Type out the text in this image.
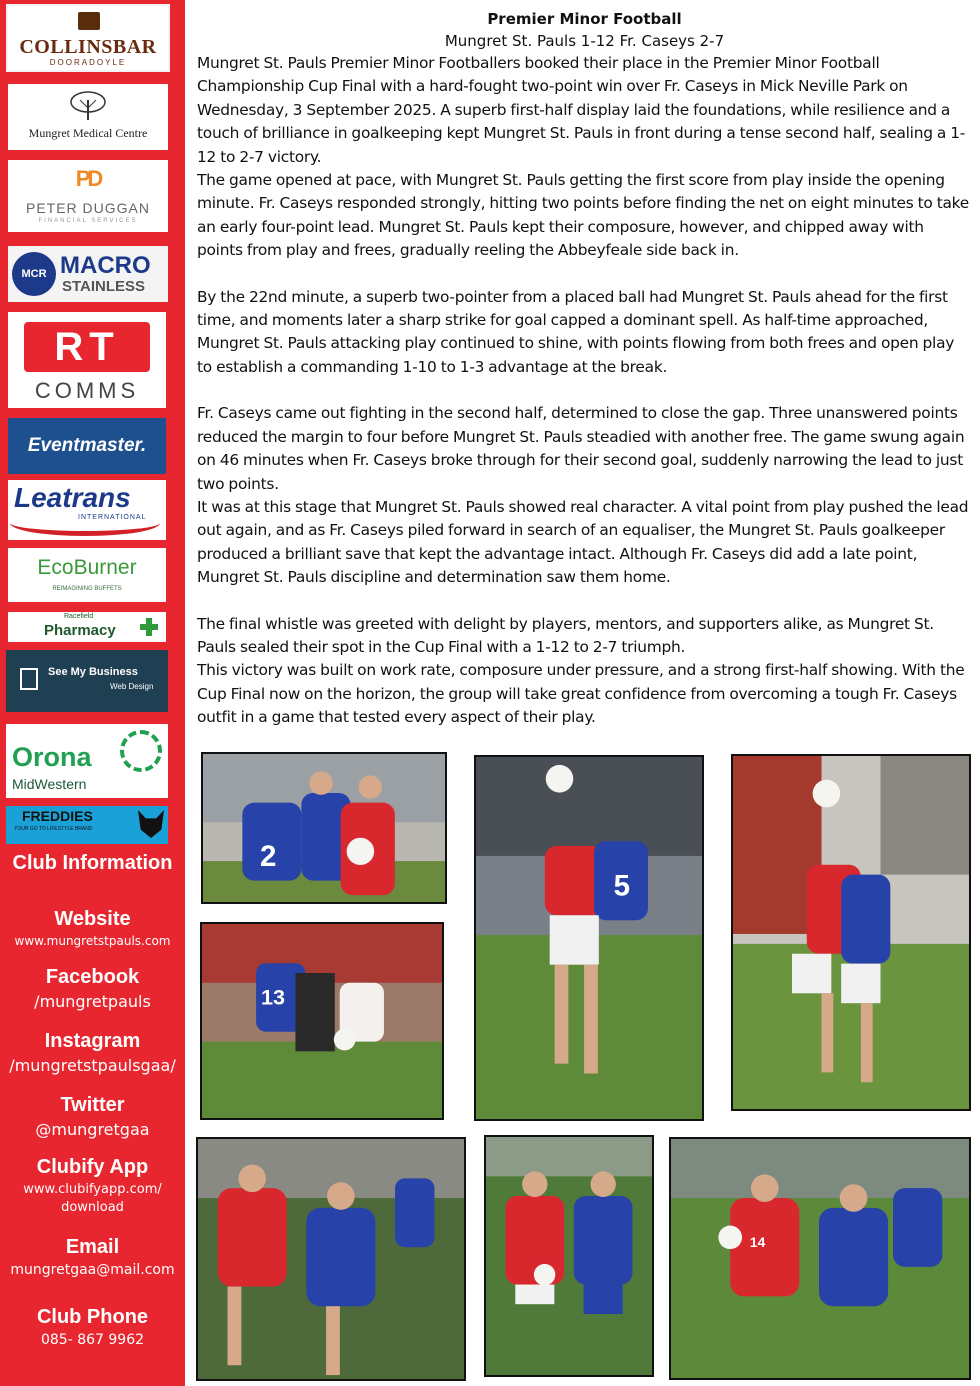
COLLINSBAR
DOORADOYLE
Mungret Medical Centre
PD
PETER DUGGAN
FINANCIAL SERVICES
MCR MACRO
STAINLESS
RT
COMMS
Eventmaster.
Leatrans
INTERNATIONAL
EcoBurner
REIMAGINING BUFFETS
Racefield
Pharmacy
See My Business
Web Design
Orona
MidWestern
FREDDIES
YOUR GO TO LIFESTYLE BRAND
Club Information
Website
www.mungretstpauls.com
Facebook
/mungretpauls
Instagram
/mungretstpaulsgaa/
Twitter
@mungretgaa
Clubify App
www.clubifyapp.com/
download
Email
mungretgaa@mail.com
Club Phone
085- 867 9962
Premier Minor Football
Mungret St. Pauls 1-12 Fr. Caseys 2-7
Mungret St. Pauls Premier Minor Footballers booked their place in the Premier Minor Football Championship Cup Final with a hard-fought two-point win over Fr. Caseys in Mick Neville Park on Wednesday, 3 September 2025. A superb first-half display laid the foundations, while resilience and a touch of brilliance in goalkeeping kept Mungret St. Pauls in front during a tense second half, sealing a 1-12 to 2-7 victory.
The game opened at pace, with Mungret St. Pauls getting the first score from play inside the opening minute. Fr. Caseys responded strongly, hitting two points before finding the net on eight minutes to take an early four-point lead. Mungret St. Pauls kept their composure, however, and chipped away with points from play and frees, gradually reeling the Abbeyfeale side back in.
By the 22nd minute, a superb two-pointer from a placed ball had Mungret St. Pauls ahead for the first time, and moments later a sharp strike for goal capped a dominant spell. As half-time approached, Mungret St. Pauls attacking play continued to shine, with points flowing from both frees and open play to establish a commanding 1-10 to 1-3 advantage at the break.
Fr. Caseys came out fighting in the second half, determined to close the gap. Three unanswered points reduced the margin to four before Mungret St. Pauls steadied with another free. The game swung again on 46 minutes when Fr. Caseys broke through for their second goal, suddenly narrowing the lead to just two points.
It was at this stage that Mungret St. Pauls showed real character. A vital point from play pushed the lead out again, and as Fr. Caseys piled forward in search of an equaliser, the Mungret St. Pauls goalkeeper produced a brilliant save that kept the advantage intact. Although Fr. Caseys did add a late point, Mungret St. Pauls discipline and determination saw them home.
The final whistle was greeted with delight by players, mentors, and supporters alike, as Mungret St. Pauls sealed their spot in the Cup Final with a 1-12 to 2-7 triumph.
This victory was built on work rate, composure under pressure, and a strong first-half showing. With the Cup Final now on the horizon, the group will take great confidence from overcoming a tough Fr. Caseys outfit in a game that tested every aspect of their play.
2
5
13
14
